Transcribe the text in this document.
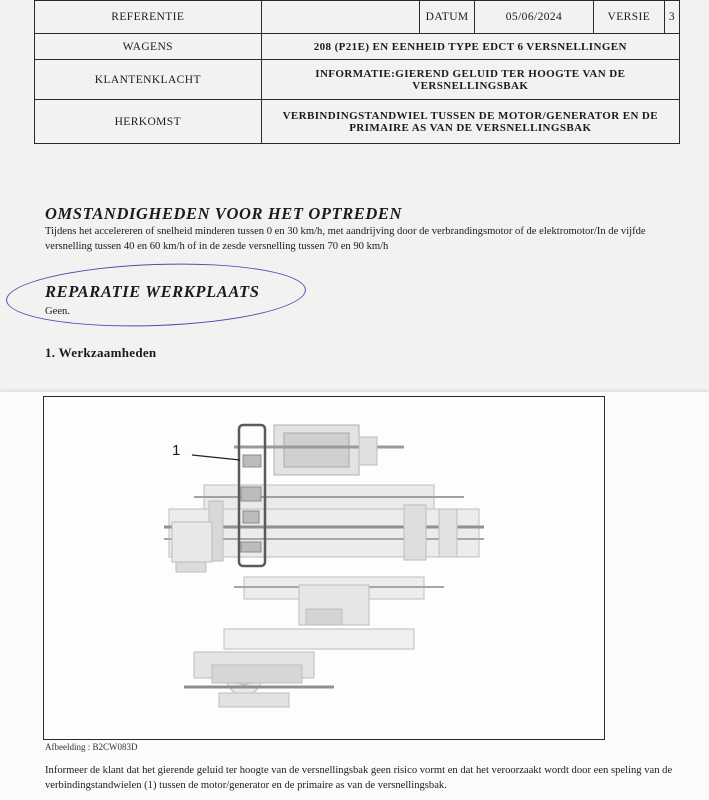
REFERENTIE		DATUM	05/06/2024	VERSIE	3
WAGENS	208 (P21E) EN EENHEID TYPE EDCT 6 VERSNELLINGEN				
KLANTENKLACHT	INFORMATIE:GIEREND GELUID TER HOOGTE VAN DE
VERSNELLINGSBAK				

HERKOMST	VERBINDINGSTANDWIEL TUSSEN DE MOTOR/GENERATOR EN DE
PRIMAIRE AS VAN DE VERSNELLINGSBAK				
OMSTANDIGHEDEN VOOR HET OPTREDEN

Tijdens het accelereren of snelheid minderen tussen 0 en 30 km/h, met aandrijving door de verbrandingsmotor of de elektromotor/In de vijfde versnelling tussen 40 en 60 km/h of in de zesde versnelling tussen 70 en 90 km/h

REPARATIE WERKPLAATS

Geen.

1. Werkzaamheden
1

Afbeelding : B2CW083D

Informeer de klant dat het gierende geluid ter hoogte van de versnellingsbak geen risico vormt en dat het veroorzaakt wordt door een speling van de verbindingstandwielen (1) tussen de motor/generator en de primaire as van de versnellingsbak.
